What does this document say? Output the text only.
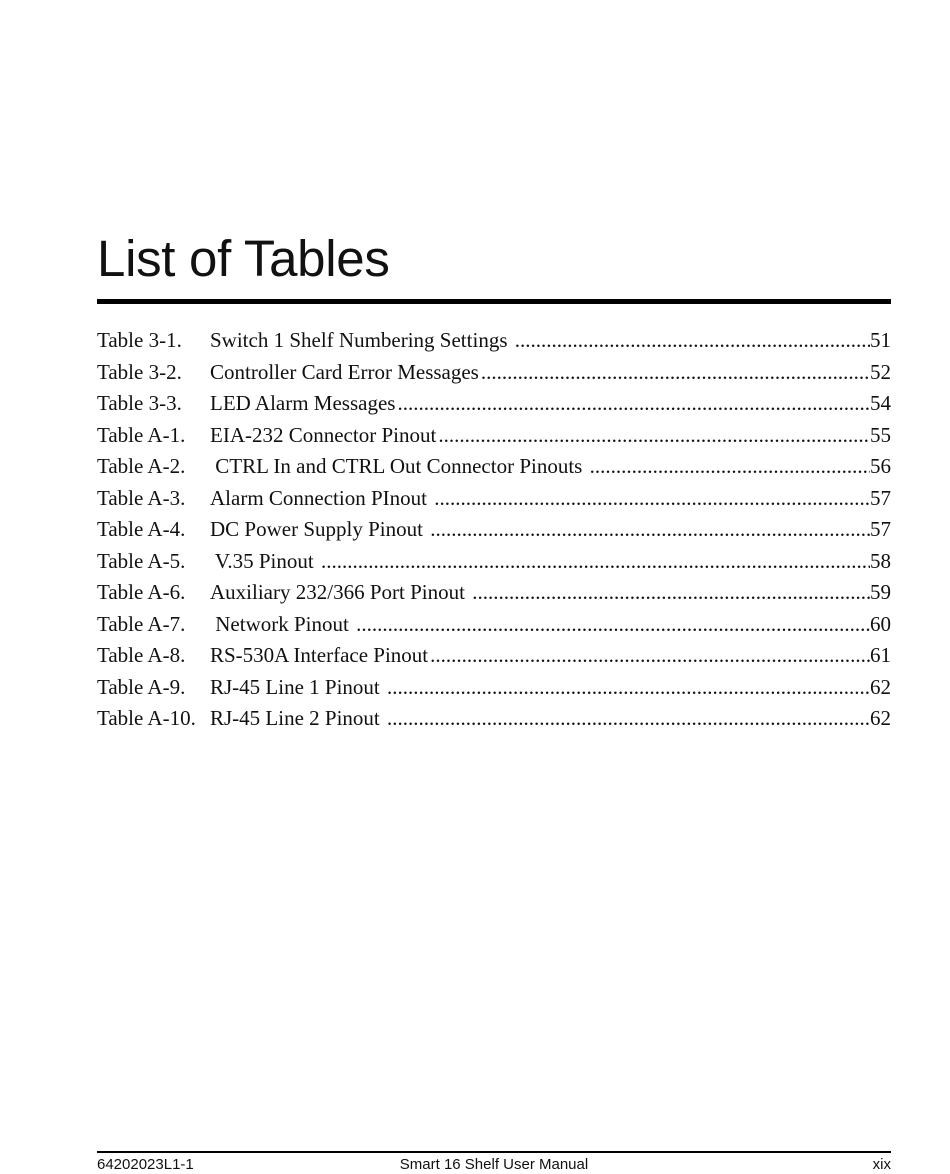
List of Tables
Table 3-1.	Switch 1 Shelf Numbering Settings .....	51
Table 3-2.	Controller Card Error Messages .....	52
Table 3-3.	LED Alarm Messages .....	54
Table A-1.	EIA-232 Connector Pinout .....	55
Table A-2.	CTRL In and CTRL Out Connector Pinouts .....	56
Table A-3.	Alarm Connection PInout .....	57
Table A-4.	DC Power Supply Pinout .....	57
Table A-5.	V.35 Pinout .....	58
Table A-6.	Auxiliary 232/366 Port Pinout .....	59
Table A-7.	Network Pinout .....	60
Table A-8.	RS-530A Interface Pinout .....	61
Table A-9.	RJ-45 Line 1 Pinout .....	62
Table A-10. RJ-45 Line 2 Pinout .....	62
Smart 16 Shelf User Manual
64202023L1-1	xix
